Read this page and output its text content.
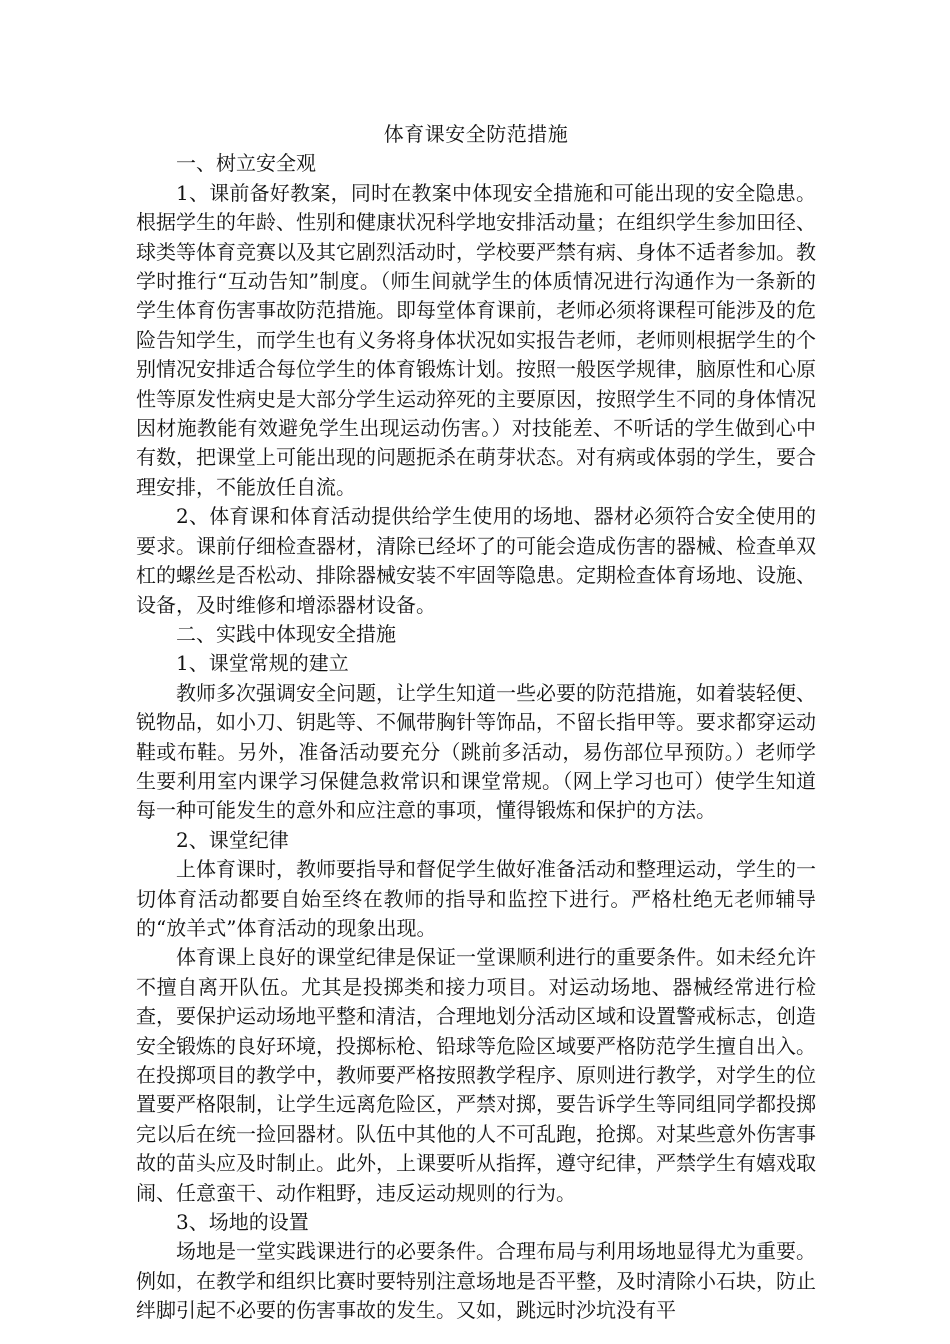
体育课安全防范措施
一、树立安全观

1、课前备好教案，同时在教案中体现安全措施和可能出现的安全隐患。根据学生的年龄、性别和健康状况科学地安排活动量；在组织学生参加田径、球类等体育竞赛以及其它剧烈活动时，学校要严禁有病、身体不适者参加。教学时推行“互动告知”制度。（师生间就学生的体质情况进行沟通作为一条新的学生体育伤害事故防范措施。即每堂体育课前，老师必须将课程可能涉及的危险告知学生，而学生也有义务将身体状况如实报告老师，老师则根据学生的个别情况安排适合每位学生的体育锻炼计划。按照一般医学规律，脑原性和心原性等原发性病史是大部分学生运动猝死的主要原因，按照学生不同的身体情况因材施教能有效避免学生出现运动伤害。）对技能差、不听话的学生做到心中有数，把课堂上可能出现的问题扼杀在萌芽状态。对有病或体弱的学生，要合理安排，不能放任自流。

2、体育课和体育活动提供给学生使用的场地、器材必须符合安全使用的要求。课前仔细检查器材，清除已经坏了的可能会造成伤害的器械、检查单双杠的螺丝是否松动、排除器械安装不牢固等隐患。定期检查体育场地、设施、设备，及时维修和增添器材设备。

二、实践中体现安全措施
1、课堂常规的建立

教师多次强调安全问题，让学生知道一些必要的防范措施，如着装轻便、锐物品，如小刀、钥匙等、不佩带胸针等饰品，不留长指甲等。要求都穿运动鞋或布鞋。另外，准备活动要充分（跳前多活动，易伤部位早预防。）老师学生要利用室内课学习保健急救常识和课堂常规。（网上学习也可）使学生知道每一种可能发生的意外和应注意的事项，懂得锻炼和保护的方法。

2、课堂纪律

上体育课时，教师要指导和督促学生做好准备活动和整理运动，学生的一切体育活动都要自始至终在教师的指导和监控下进行。严格杜绝无老师辅导的“放羊式”体育活动的现象出现。

体育课上良好的课堂纪律是保证一堂课顺利进行的重要条件。如未经允许不擅自离开队伍。尤其是投掷类和接力项目。对运动场地、器械经常进行检查，要保护运动场地平整和清洁，合理地划分活动区域和设置警戒标志，创造安全锻炼的良好环境，投掷标枪、铅球等危险区域要严格防范学生擅自出入。在投掷项目的教学中，教师要严格按照教学程序、原则进行教学，对学生的位置要严格限制，让学生远离危险区，严禁对掷，要告诉学生等同组同学都投掷完以后在统一捡回器材。队伍中其他的人不可乱跑，抢掷。对某些意外伤害事故的苗头应及时制止。此外，上课要听从指挥，遵守纪律，严禁学生有嬉戏取闹、任意蛮干、动作粗野，违反运动规则的行为。

3、场地的设置

场地是一堂实践课进行的必要条件。合理布局与利用场地显得尤为重要。例如，在教学和组织比赛时要特别注意场地是否平整，及时清除小石块，防止绊脚引起不必要的伤害事故的发生。又如，跳远时沙坑没有平
